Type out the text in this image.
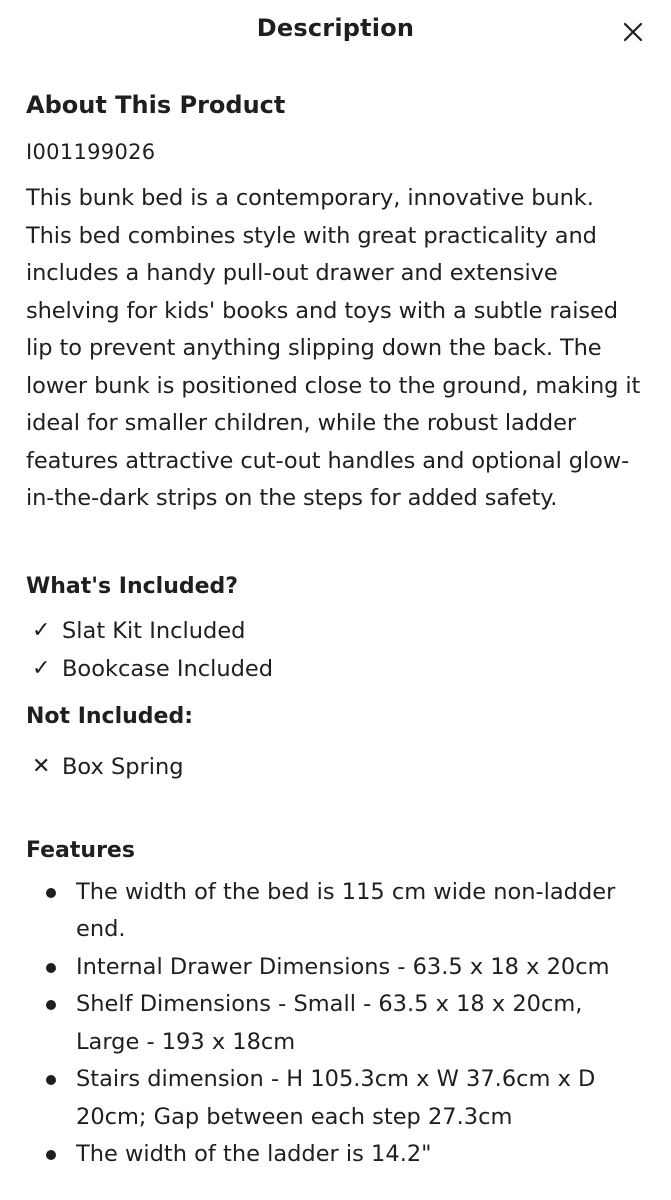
Description
About This Product
I001199026
This bunk bed is a contemporary, innovative bunk. This bed combines style with great practicality and includes a handy pull-out drawer and extensive shelving for kids' books and toys with a subtle raised lip to prevent anything slipping down the back. The lower bunk is positioned close to the ground, making it ideal for smaller children, while the robust ladder features attractive cut-out handles and optional glow-in-the-dark strips on the steps for added safety.
What's Included?
✓ Slat Kit Included
✓ Bookcase Included
Not Included:
✕ Box Spring
Features
The width of the bed is 115 cm wide non-ladder end.
Internal Drawer Dimensions - 63.5 x 18 x 20cm
Shelf Dimensions - Small - 63.5 x 18 x 20cm, Large - 193 x 18cm
Stairs dimension - H 105.3cm x W 37.6cm x D 20cm; Gap between each step 27.3cm
The width of the ladder is 14.2"
